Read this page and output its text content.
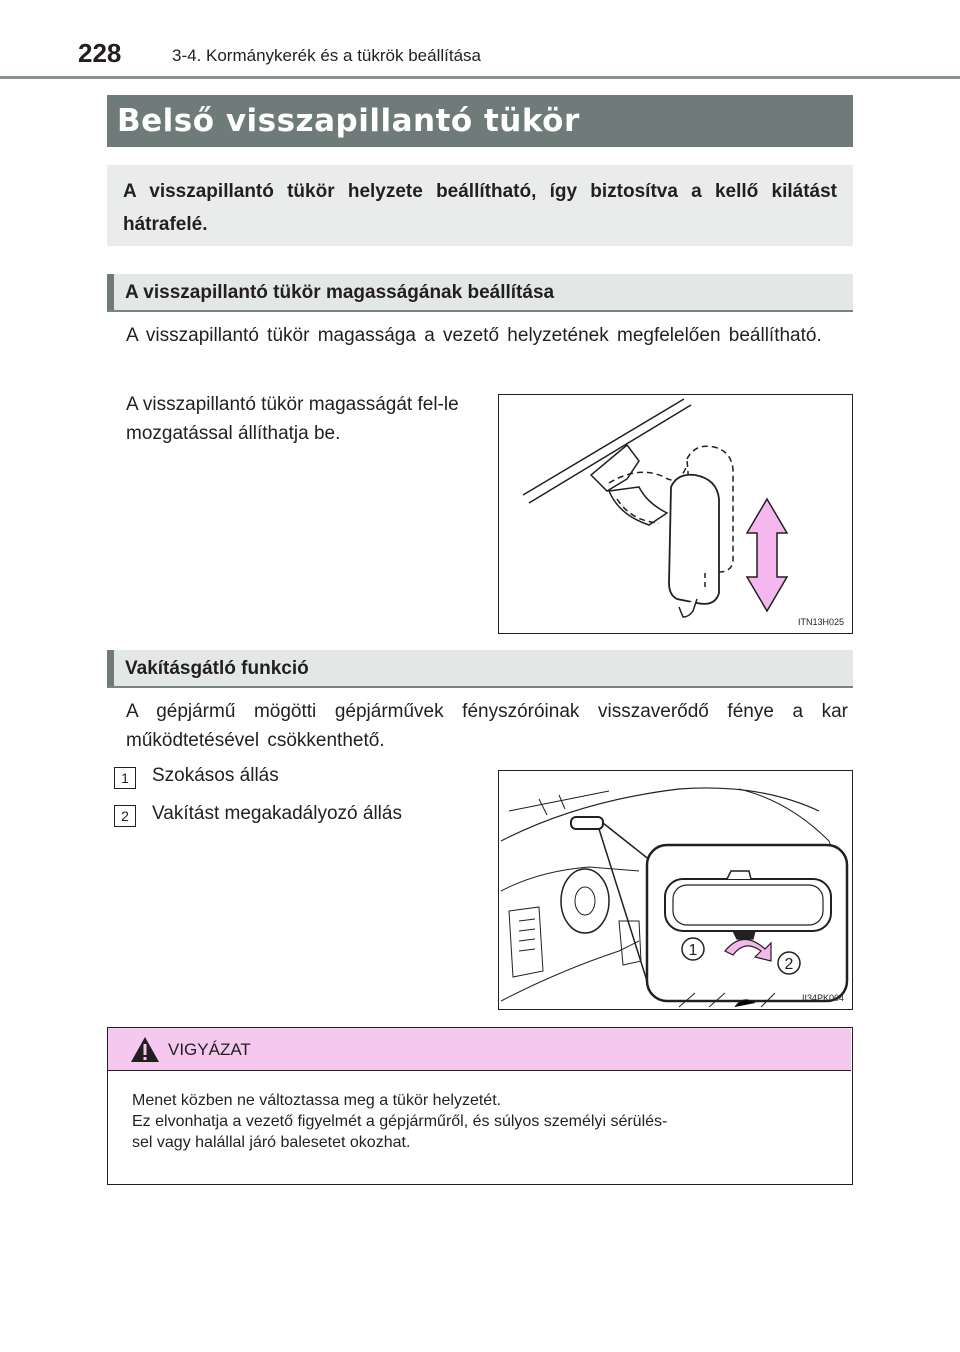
228	3-4. Kormánykerék és a tükrök beállítása
Belső visszapillantó tükör

A visszapillantó tükör helyzete beállítható, így biztosítva a kellő kilátást hátrafelé.

A visszapillantó tükör magasságának beállítása
A visszapillantó tükör magassága a vezető helyzetének megfelelően beállítható.
A visszapillantó tükör magasságát fel-le mozgatással állíthatja be.
ITN13H025
Vakításgátló funkció
A gépjármű mögötti gépjárművek fényszóróinak visszaverődő fénye a kar működtetésével csökkenthető.
1	Szokásos állás
2	Vakítást megakadályozó állás
1
2
II34PK004
VIGYÁZAT
Menet közben ne változtassa meg a tükör helyzetét.
Ez elvonhatja a vezető figyelmét a gépjárműről, és súlyos személyi sérülés-
sel vagy halállal járó balesetet okozhat.
